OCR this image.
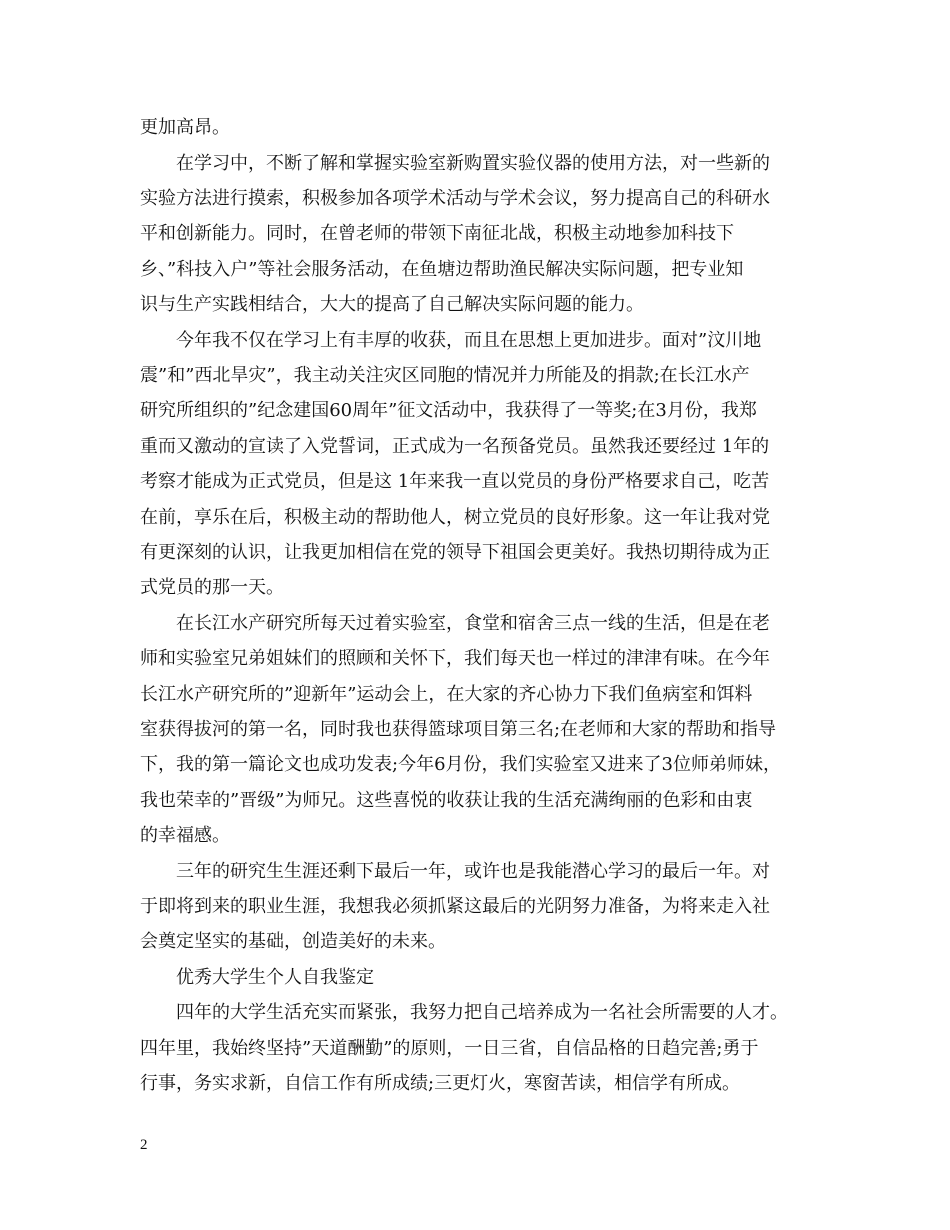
更加高昂。
　　在学习中，不断了解和掌握实验室新购置实验仪器的使用方法，对一些新的
实验方法进行摸索，积极参加各项学术活动与学术会议，努力提高自己的科研水
平和创新能力。同时，在曾老师的带领下南征北战，积极主动地参加科技下
乡、”科技入户”等社会服务活动，在鱼塘边帮助渔民解决实际问题，把专业知
识与生产实践相结合，大大的提高了自己解决实际问题的能力。
　　今年我不仅在学习上有丰厚的收获，而且在思想上更加进步。面对”汶川地
震”和”西北旱灾”，我主动关注灾区同胞的情况并力所能及的捐款;在长江水产
研究所组织的”纪念建国60周年”征文活动中，我获得了一等奖;在3月份，我郑
重而又激动的宣读了入党誓词，正式成为一名预备党员。虽然我还要经过 1年的
考察才能成为正式党员，但是这 1年来我一直以党员的身份严格要求自己，吃苦
在前，享乐在后，积极主动的帮助他人，树立党员的良好形象。这一年让我对党
有更深刻的认识，让我更加相信在党的领导下祖国会更美好。我热切期待成为正
式党员的那一天。
　　在长江水产研究所每天过着实验室，食堂和宿舍三点一线的生活，但是在老
师和实验室兄弟姐妹们的照顾和关怀下，我们每天也一样过的津津有味。在今年
长江水产研究所的”迎新年”运动会上，在大家的齐心协力下我们鱼病室和饵料
室获得拔河的第一名，同时我也获得篮球项目第三名;在老师和大家的帮助和指导
下，我的第一篇论文也成功发表;今年6月份，我们实验室又进来了3位师弟师妹，
我也荣幸的”晋级”为师兄。这些喜悦的收获让我的生活充满绚丽的色彩和由衷
的幸福感。
　　三年的研究生生涯还剩下最后一年，或许也是我能潜心学习的最后一年。对
于即将到来的职业生涯，我想我必须抓紧这最后的光阴努力准备，为将来走入社
会奠定坚实的基础，创造美好的未来。
　　优秀大学生个人自我鉴定
　　四年的大学生活充实而紧张，我努力把自己培养成为一名社会所需要的人才。
四年里，我始终坚持”天道酬勤”的原则，一日三省，自信品格的日趋完善;勇于
行事，务实求新，自信工作有所成绩;三更灯火，寒窗苦读，相信学有所成。
2
